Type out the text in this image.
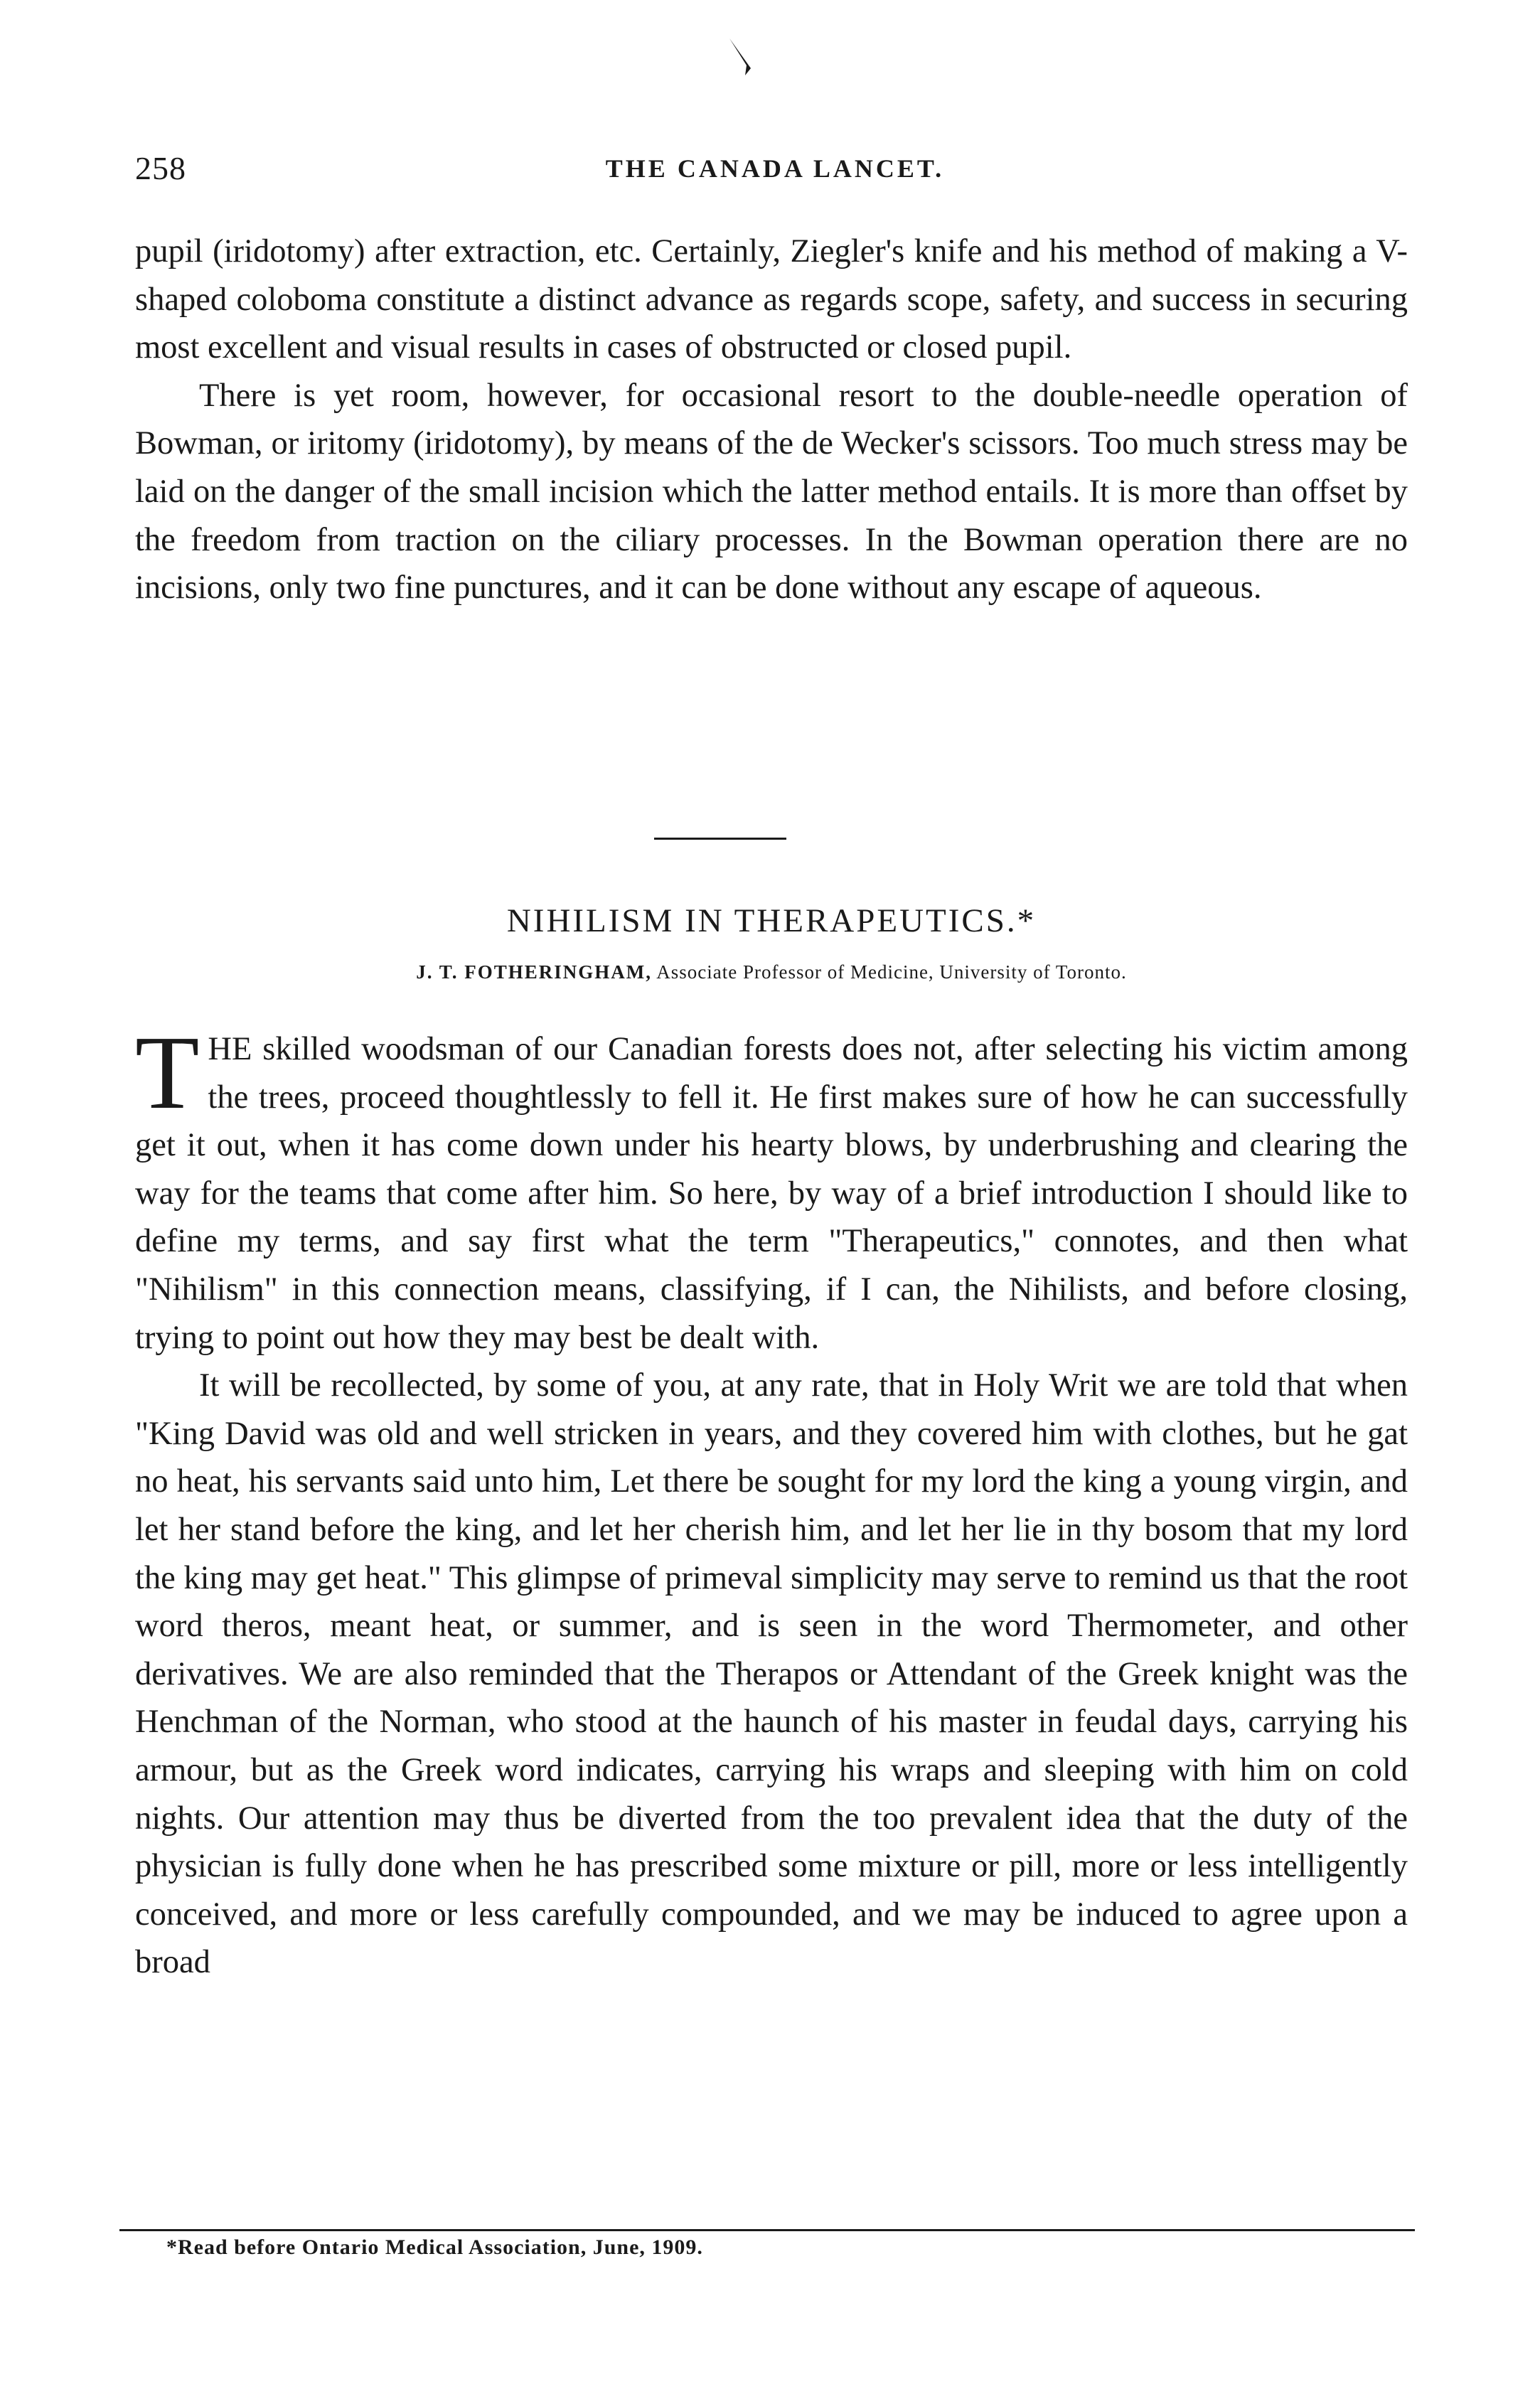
258	THE CANADA LANCET.

pupil (iridotomy) after extraction, etc. Certainly, Ziegler's knife and his method of making a V-shaped coloboma constitute a distinct advance as regards scope, safety, and success in securing most excellent and visual results in cases of obstructed or closed pupil.

There is yet room, however, for occasional resort to the double-needle operation of Bowman, or iritomy (iridotomy), by means of the de Wecker's scissors. Too much stress may be laid on the danger of the small incision which the latter method entails. It is more than offset by the freedom from traction on the ciliary processes. In the Bowman operation there are no incisions, only two fine punctures, and it can be done without any escape of aqueous.

NIHILISM IN THERAPEUTICS.*
J. T. FOTHERINGHAM, Associate Professor of Medicine, University of Toronto.

THE skilled woodsman of our Canadian forests does not, after selecting his victim among the trees, proceed thoughtlessly to fell it. He first makes sure of how he can successfully get it out, when it has come down under his hearty blows, by underbrushing and clearing the way for the teams that come after him. So here, by way of a brief introduction I should like to define my terms, and say first what the term "Therapeutics," connotes, and then what "Nihilism" in this connection means, classifying, if I can, the Nihilists, and before closing, trying to point out how they may best be dealt with.

It will be recollected, by some of you, at any rate, that in Holy Writ we are told that when "King David was old and well stricken in years, and they covered him with clothes, but he gat no heat, his servants said unto him, Let there be sought for my lord the king a young virgin, and let her stand before the king, and let her cherish him, and let her lie in thy bosom that my lord the king may get heat." This glimpse of primeval simplicity may serve to remind us that the root word theros, meant heat, or summer, and is seen in the word Thermometer, and other derivatives. We are also reminded that the Therapos or Attendant of the Greek knight was the Henchman of the Norman, who stood at the haunch of his master in feudal days, carrying his armour, but as the Greek word indicates, carrying his wraps and sleeping with him on cold nights. Our attention may thus be diverted from the too prevalent idea that the duty of the physician is fully done when he has prescribed some mixture or pill, more or less intelligently conceived, and more or less carefully compounded, and we may be induced to agree upon a broad

*Read before Ontario Medical Association, June, 1909.
